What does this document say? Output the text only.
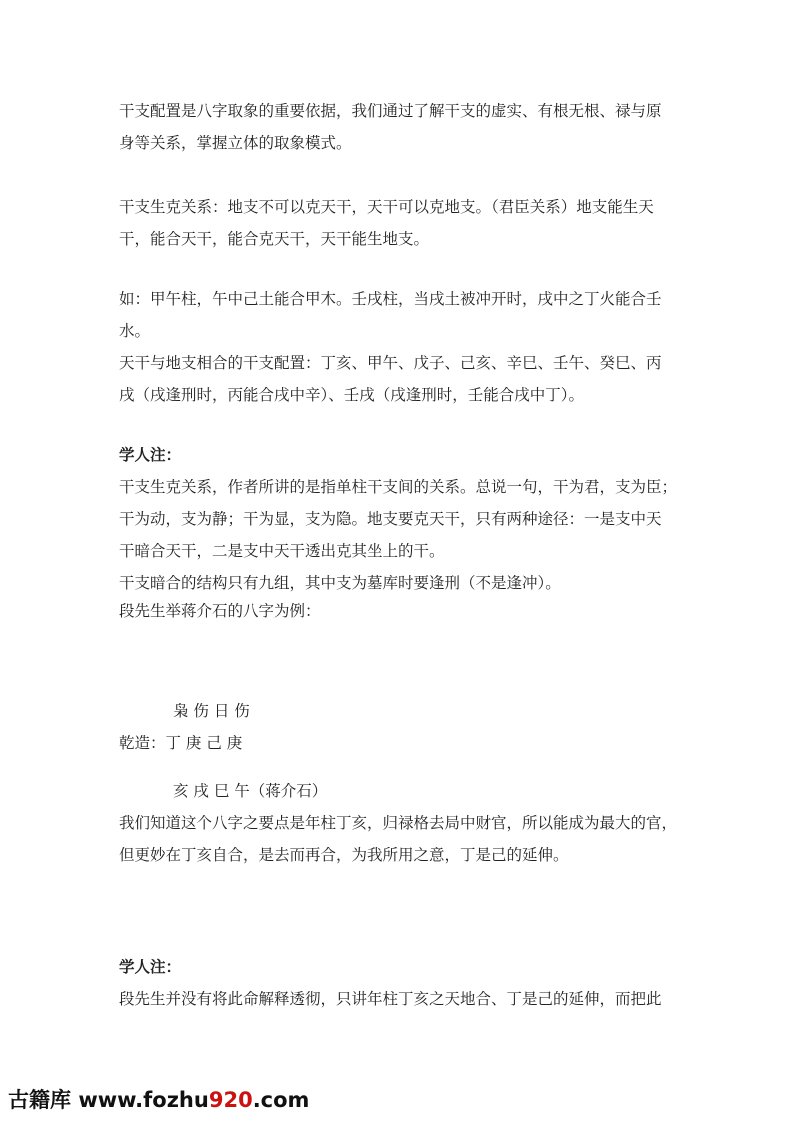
干支配置是八字取象的重要依据，我们通过了解干支的虚实、有根无根、禄与原

身等关系，掌握立体的取象模式。

干支生克关系：地支不可以克天干，天干可以克地支。（君臣关系）地支能生天

干，能合天干，能合克天干，天干能生地支。

如：甲午柱，午中己土能合甲木。壬戌柱，当戌土被冲开时，戌中之丁火能合壬

水。

天干与地支相合的干支配置：丁亥、甲午、戊子、己亥、辛巳、壬午、癸巳、丙

戌（戌逢刑时，丙能合戌中辛）、壬戌（戌逢刑时，壬能合戌中丁）。

学人注：

干支生克关系，作者所讲的是指单柱干支间的关系。总说一句，干为君，支为臣；

干为动，支为静；干为显，支为隐。地支要克天干，只有两种途径：一是支中天

干暗合天干，二是支中天干透出克其坐上的干。

干支暗合的结构只有九组，其中支为墓库时要逢刑（不是逢冲）。

段先生举蒋介石的八字为例：

枭 伤 日 伤

乾造：丁 庚 己 庚

亥 戌 巳 午（蒋介石）

我们知道这个八字之要点是年柱丁亥，归禄格去局中财官，所以能成为最大的官，

但更妙在丁亥自合，是去而再合，为我所用之意，丁是己的延伸。

学人注：

段先生并没有将此命解释透彻，只讲年柱丁亥之天地合、丁是己的延伸，而把此

古籍库 www.fozhu920.com
